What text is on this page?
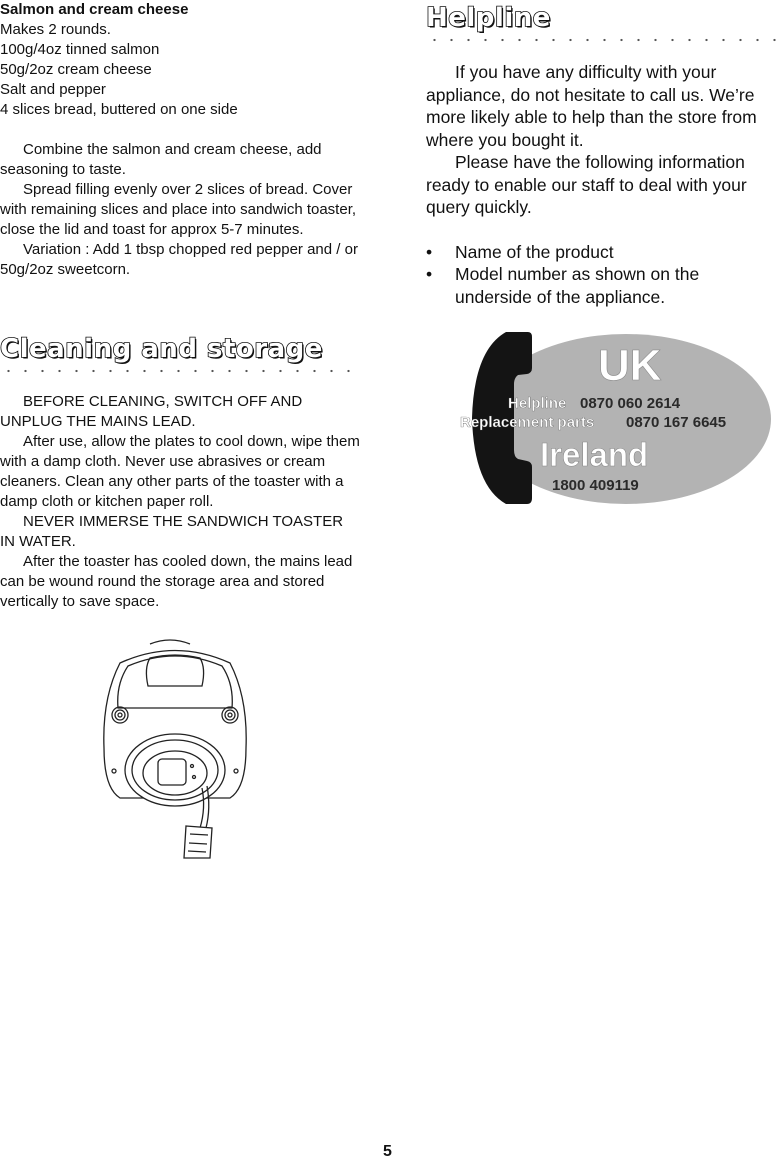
Salmon and cream cheese

Makes 2 rounds.

100g/4oz tinned salmon

50g/2oz cream cheese

Salt and pepper

4 slices bread, buttered on one side

Combine the salmon and cream cheese, add seasoning to taste.

Spread filling evenly over 2 slices of bread. Cover with remaining slices and place into sandwich toaster, close the lid and toast for approx 5-7 minutes.

Variation : Add 1 tbsp chopped red pepper and / or 50g/2oz sweetcorn.

Cleaning and storage

BEFORE CLEANING, SWITCH OFF AND UNPLUG THE MAINS LEAD.

After use, allow the plates to cool down, wipe them with a damp cloth. Never use abrasives or cream cleaners. Clean any other parts of the toaster with a damp cloth or kitchen paper roll.

NEVER IMMERSE THE SANDWICH TOASTER IN WATER.

After the toaster has cooled down, the mains lead can be wound round the storage area and stored vertically to save space.

Helpline

If you have any difficulty with your appliance, do not hesitate to call us. We’re more likely able to help than the store from where you bought it.

Please have the following information ready to enable our staff to deal with your query quickly.

• Name of the product
• Model number as shown on the underside of the appliance.
UK
Helpline 0870 060 2614
Replacement parts 0870 167 6645
Ireland
1800 409119
5
